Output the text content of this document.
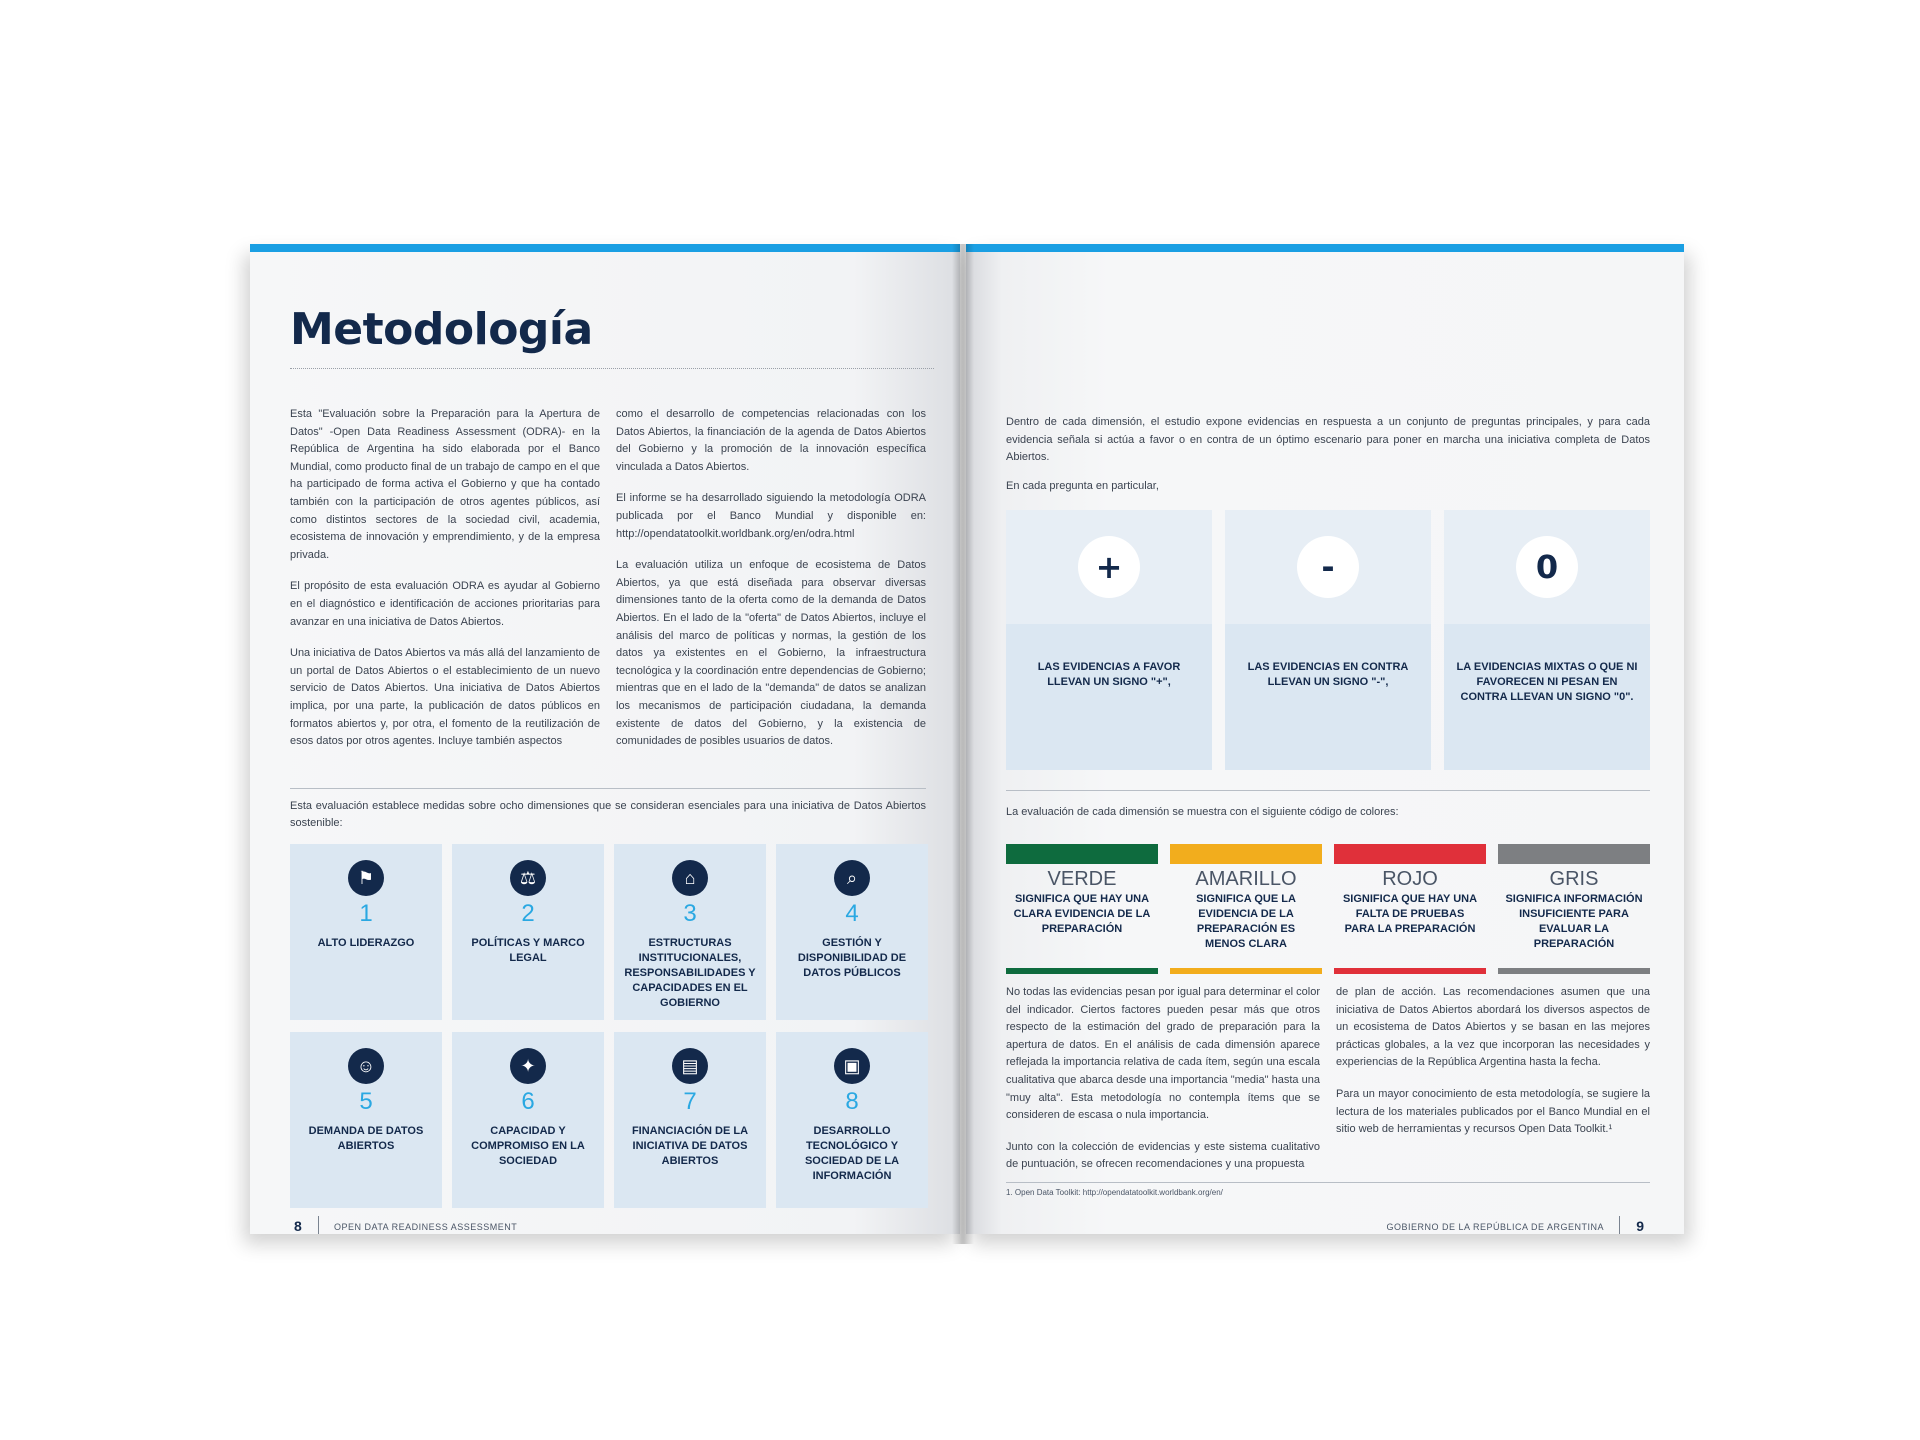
Metodología

Esta "Evaluación sobre la Preparación para la Apertura de Datos" -Open Data Readiness Assessment (ODRA)- en la República de Argentina ha sido elaborada por el Banco Mundial, como producto final de un trabajo de campo en el que ha participado de forma activa el Gobierno y que ha contado también con la participación de otros agentes públicos, así como distintos sectores de la sociedad civil, academia, ecosistema de innovación y emprendimiento, y de la empresa privada.

El propósito de esta evaluación ODRA es ayudar al Gobierno en el diagnóstico e identificación de acciones prioritarias para avanzar en una iniciativa de Datos Abiertos.

Una iniciativa de Datos Abiertos va más allá del lanzamiento de un portal de Datos Abiertos o el establecimiento de un nuevo servicio de Datos Abiertos. Una iniciativa de Datos Abiertos implica, por una parte, la publicación de datos públicos en formatos abiertos y, por otra, el fomento de la reutilización de esos datos por otros agentes. Incluye también aspectos

como el desarrollo de competencias relacionadas con los Datos Abiertos, la financiación de la agenda de Datos Abiertos del Gobierno y la promoción de la innovación específica vinculada a Datos Abiertos.

El informe se ha desarrollado siguiendo la metodología ODRA publicada por el Banco Mundial y disponible en: http://opendatatoolkit.worldbank.org/en/odra.html

La evaluación utiliza un enfoque de ecosistema de Datos Abiertos, ya que está diseñada para observar diversas dimensiones tanto de la oferta como de la demanda de Datos Abiertos. En el lado de la "oferta" de Datos Abiertos, incluye el análisis del marco de políticas y normas, la gestión de los datos ya existentes en el Gobierno, la infraestructura tecnológica y la coordinación entre dependencias de Gobierno; mientras que en el lado de la "demanda" de datos se analizan los mecanismos de participación ciudadana, la demanda existente de datos del Gobierno, y la existencia de comunidades de posibles usuarios de datos.

Esta evaluación establece medidas sobre ocho dimensiones que se consideran esenciales para una iniciativa de Datos Abiertos sostenible:
⚑
1
ALTO LIDERAZGO
⚖
2
POLÍTICAS Y MARCO LEGAL
⌂
3
ESTRUCTURAS INSTITUCIONALES, RESPONSABILIDADES Y CAPACIDADES EN EL GOBIERNO
⌕
4
GESTIÓN Y DISPONIBILIDAD DE DATOS PÚBLICOS
☺
5
DEMANDA DE DATOS ABIERTOS
✦
6
CAPACIDAD Y COMPROMISO EN LA SOCIEDAD
▤
7
FINANCIACIÓN DE LA INICIATIVA DE DATOS ABIERTOS
▣
8
DESARROLLO TECNOLÓGICO Y SOCIEDAD DE LA INFORMACIÓN
8	OPEN DATA READINESS ASSESSMENT
Dentro de cada dimensión, el estudio expone evidencias en respuesta a un conjunto de preguntas principales, y para cada evidencia señala si actúa a favor o en contra de un óptimo escenario para poner en marcha una iniciativa completa de Datos Abiertos.
En cada pregunta en particular,
+
LAS EVIDENCIAS A FAVOR LLEVAN UN SIGNO "+",
-
LAS EVIDENCIAS EN CONTRA LLEVAN UN SIGNO "-",
0
LA EVIDENCIAS MIXTAS O QUE NI FAVORECEN NI PESAN EN CONTRA LLEVAN UN SIGNO "0".
La evaluación de cada dimensión se muestra con el siguiente código de colores:
VERDE
SIGNIFICA QUE HAY UNA CLARA EVIDENCIA DE LA PREPARACIÓN
AMARILLO
SIGNIFICA QUE LA EVIDENCIA DE LA PREPARACIÓN ES MENOS CLARA
ROJO
SIGNIFICA QUE HAY UNA FALTA DE PRUEBAS PARA LA PREPARACIÓN
GRIS
SIGNIFICA INFORMACIÓN INSUFICIENTE PARA EVALUAR LA PREPARACIÓN

No todas las evidencias pesan por igual para determinar el color del indicador. Ciertos factores pueden pesar más que otros respecto de la estimación del grado de preparación para la apertura de datos. En el análisis de cada dimensión aparece reflejada la importancia relativa de cada ítem, según una escala cualitativa que abarca desde una importancia "media" hasta una "muy alta". Esta metodología no contempla ítems que se consideren de escasa o nula importancia.

Junto con la colección de evidencias y este sistema cualitativo de puntuación, se ofrecen recomendaciones y una propuesta

de plan de acción. Las recomendaciones asumen que una iniciativa de Datos Abiertos abordará los diversos aspectos de un ecosistema de Datos Abiertos y se basan en las mejores prácticas globales, a la vez que incorporan las necesidades y experiencias de la República Argentina hasta la fecha.

Para un mayor conocimiento de esta metodología, se sugiere la lectura de los materiales publicados por el Banco Mundial en el sitio web de herramientas y recursos Open Data Toolkit.¹

1. Open Data Toolkit: http://opendatatoolkit.worldbank.org/en/
GOBIERNO DE LA REPÚBLICA DE ARGENTINA 9
